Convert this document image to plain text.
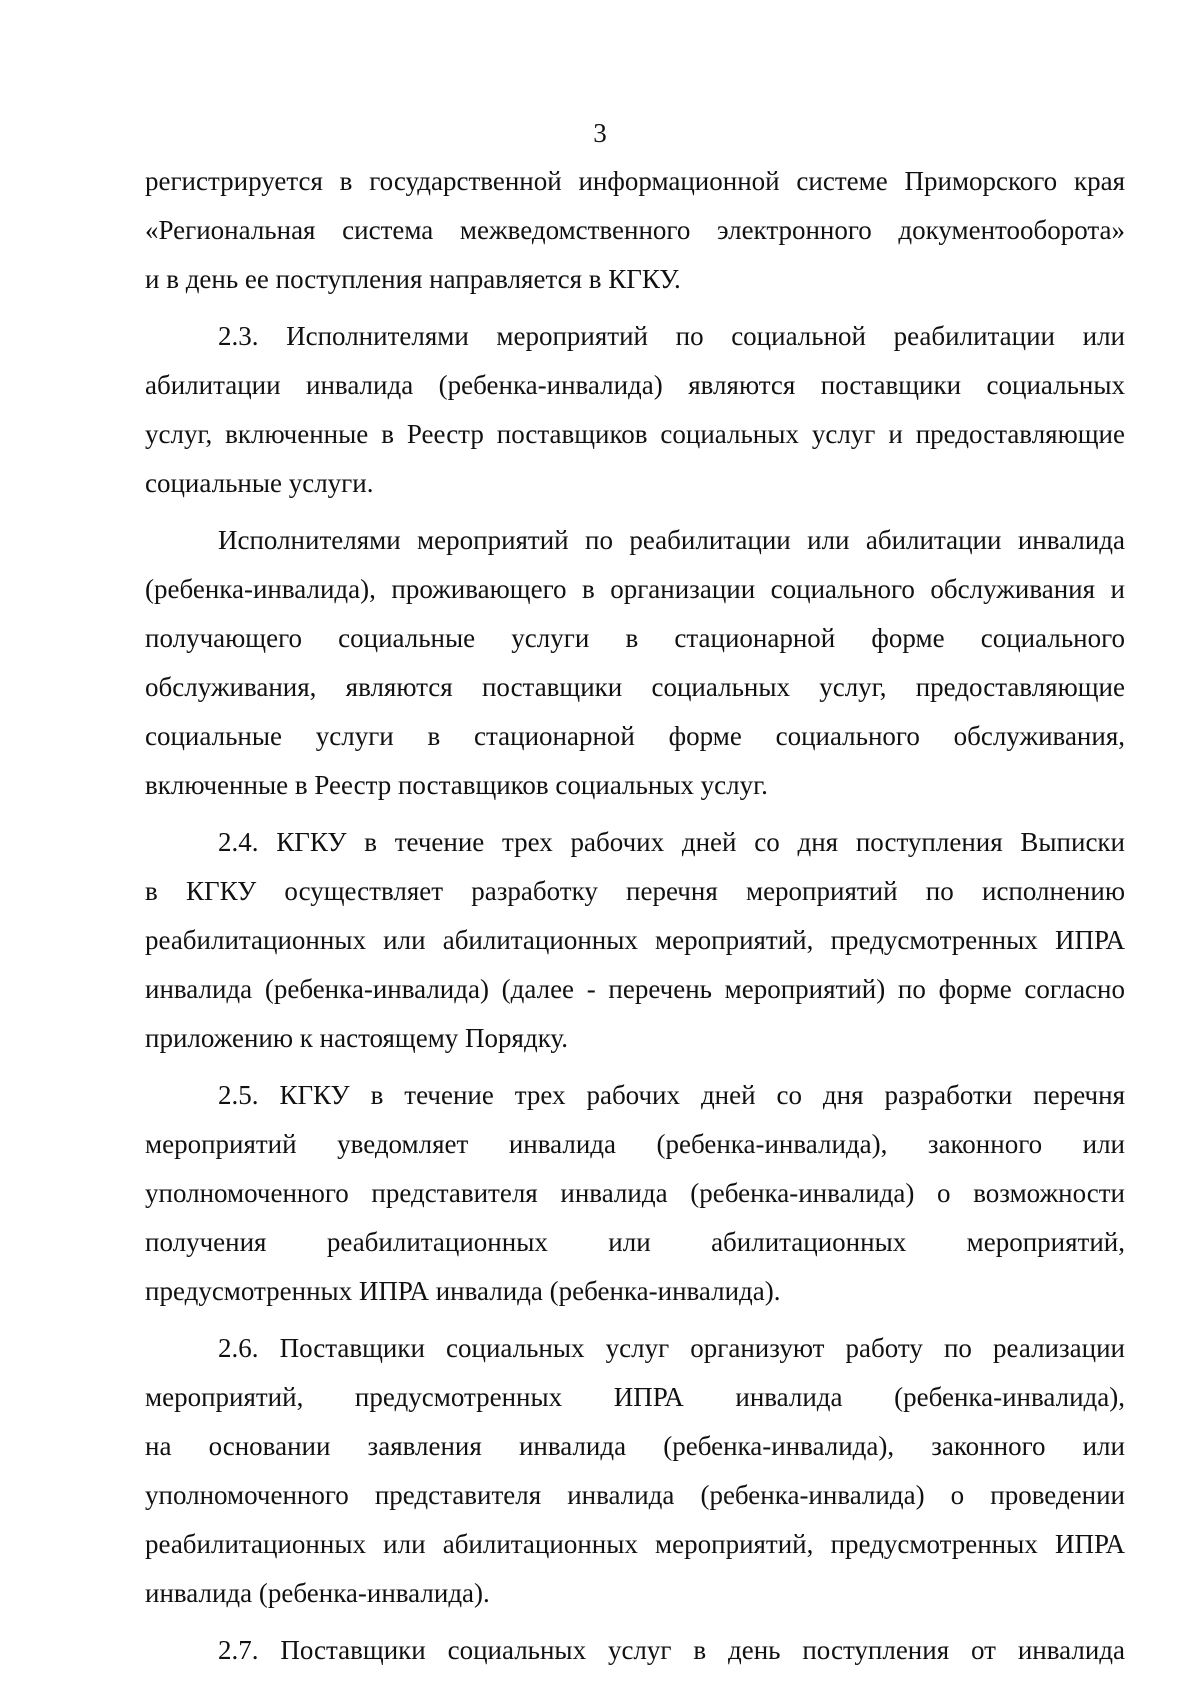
3
регистрируется в государственной информационной системе Приморского края
«Региональная система межведомственного электронного документооборота»
и в день ее поступления направляется в КГКУ.
2.3. Исполнителями мероприятий по социальной реабилитации или
абилитации инвалида (ребенка-инвалида) являются поставщики социальных
услуг, включенные в Реестр поставщиков социальных услуг и предоставляющие
социальные услуги.
Исполнителями мероприятий по реабилитации или абилитации инвалида
(ребенка-инвалида), проживающего в организации социального обслуживания и
получающего социальные услуги в стационарной форме социального
обслуживания, являются поставщики социальных услуг, предоставляющие
социальные услуги в стационарной форме социального обслуживания,
включенные в Реестр поставщиков социальных услуг.
2.4. КГКУ в течение трех рабочих дней со дня поступления Выписки
в КГКУ осуществляет разработку перечня мероприятий по исполнению
реабилитационных или абилитационных мероприятий, предусмотренных ИПРА
инвалида (ребенка-инвалида) (далее - перечень мероприятий) по форме согласно
приложению к настоящему Порядку.
2.5. КГКУ в течение трех рабочих дней со дня разработки перечня
мероприятий уведомляет инвалида (ребенка-инвалида), законного или
уполномоченного представителя инвалида (ребенка-инвалида) о возможности
получения реабилитационных или абилитационных мероприятий,
предусмотренных ИПРА инвалида (ребенка-инвалида).
2.6. Поставщики социальных услуг организуют работу по реализации
мероприятий, предусмотренных ИПРА инвалида (ребенка-инвалида),
на основании заявления инвалида (ребенка-инвалида), законного или
уполномоченного представителя инвалида (ребенка-инвалида) о проведении
реабилитационных или абилитационных мероприятий, предусмотренных ИПРА
инвалида (ребенка-инвалида).
2.7. Поставщики социальных услуг в день поступления от инвалида
